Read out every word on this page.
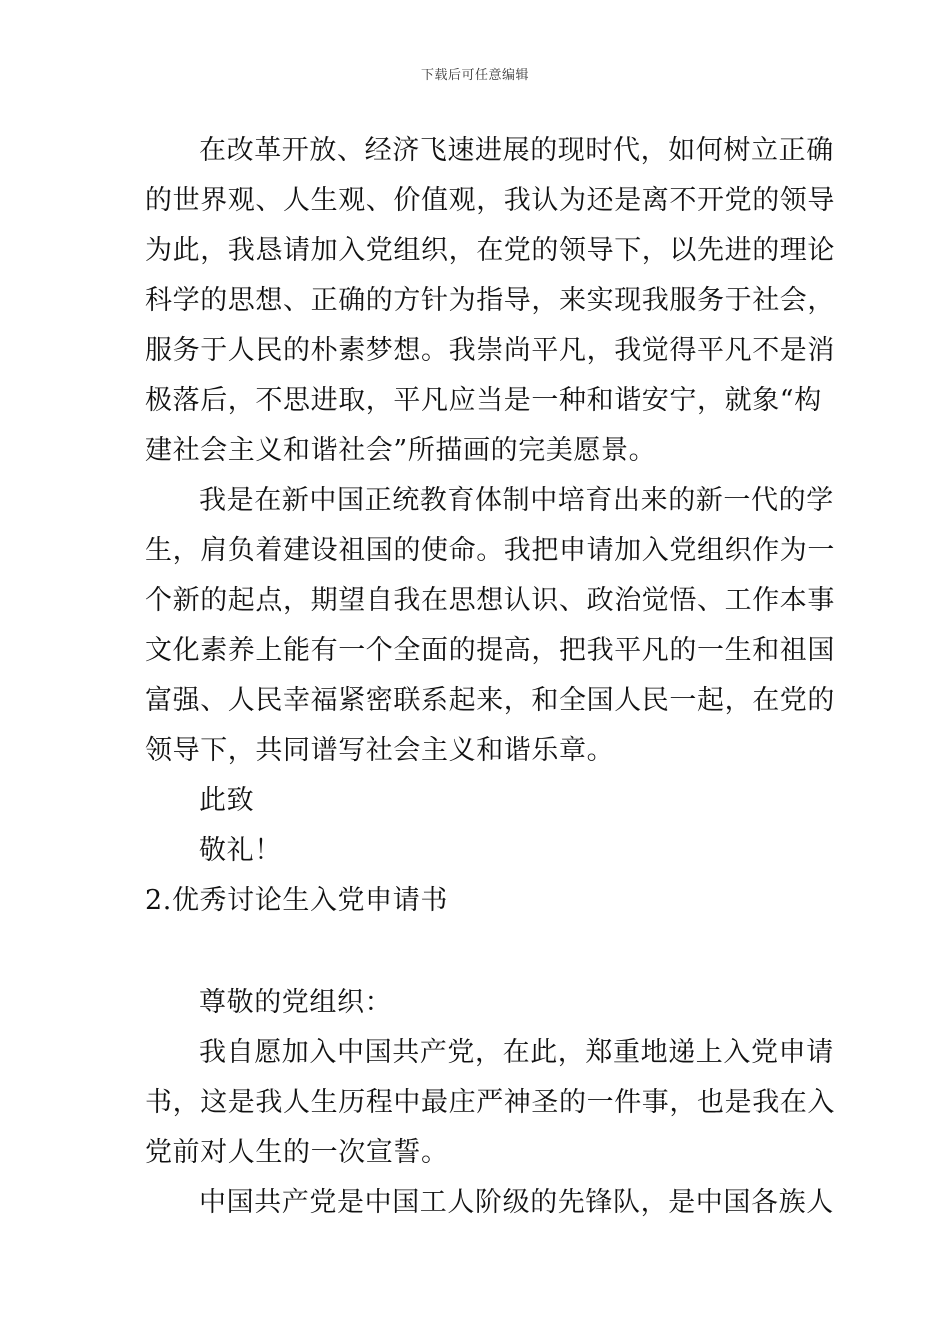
下载后可任意编辑
在改革开放、经济飞速进展的现时代，如何树立正确
的世界观、人生观、价值观，我认为还是离不开党的领导
为此，我恳请加入党组织，在党的领导下，以先进的理论
科学的思想、正确的方针为指导，来实现我服务于社会，
服务于人民的朴素梦想。我崇尚平凡，我觉得平凡不是消
极落后，不思进取，平凡应当是一种和谐安宁，就象“构
建社会主义和谐社会”所描画的完美愿景。
我是在新中国正统教育体制中培育出来的新一代的学
生，肩负着建设祖国的使命。我把申请加入党组织作为一
个新的起点，期望自我在思想认识、政治觉悟、工作本事
文化素养上能有一个全面的提高，把我平凡的一生和祖国
富强、人民幸福紧密联系起来，和全国人民一起，在党的
领导下，共同谱写社会主义和谐乐章。
此致
敬礼！
2.优秀讨论生入党申请书
尊敬的党组织：
我自愿加入中国共产党，在此，郑重地递上入党申请
书，这是我人生历程中最庄严神圣的一件事，也是我在入
党前对人生的一次宣誓。
中国共产党是中国工人阶级的先锋队，是中国各族人
